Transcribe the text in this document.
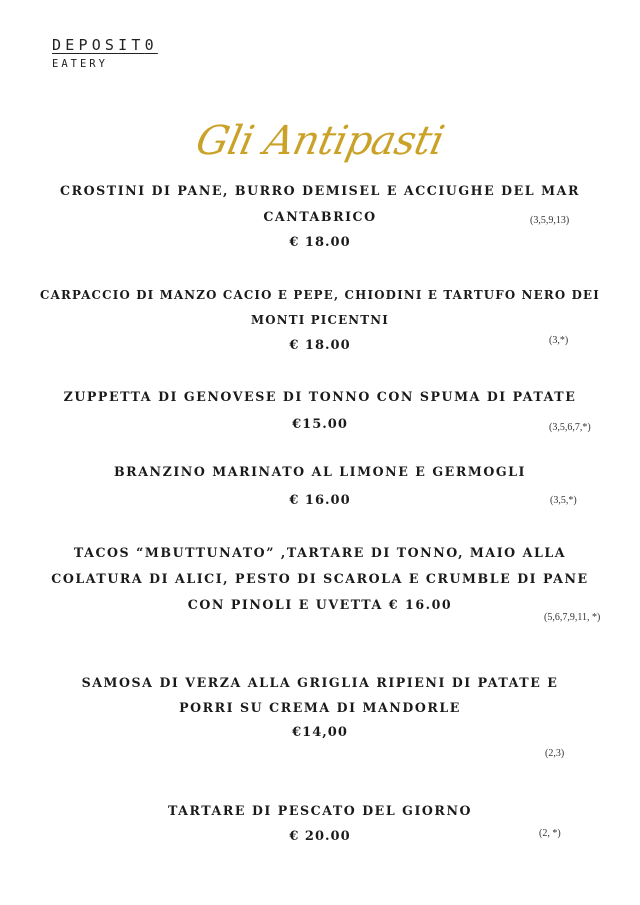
DEPOSIT0
EATERY
Gli Antipasti
CROSTINI DI PANE, BURRO DEMISEL E ACCIUGHE DEL MAR
CANTABRICO	(3,5,9,13)
€ 18.00
CARPACCIO DI MANZO CACIO E PEPE, CHIODINI E TARTUFO NERO DEI
MONTI PICENTNI
(3,*)
€ 18.00
ZUPPETTA DI GENOVESE DI TONNO CON SPUMA DI PATATE
€15.00	(3,5,6,7,*)
BRANZINO MARINATO AL LIMONE E GERMOGLI
€ 16.00	(3,5,*)
TACOS “MBUTTUNATO” ,TARTARE DI TONNO, MAIO ALLA
COLATURA DI ALICI, PESTO DI SCAROLA E CRUMBLE DI PANE
CON PINOLI E UVETTA € 16.00
(5,6,7,9,11, *)
SAMOSA DI VERZA ALLA GRIGLIA RIPIENI DI PATATE E
PORRI SU CREMA DI MANDORLE
€14,00
(2,3)
TARTARE DI PESCATO DEL GIORNO
€ 20.00	(2, *)
